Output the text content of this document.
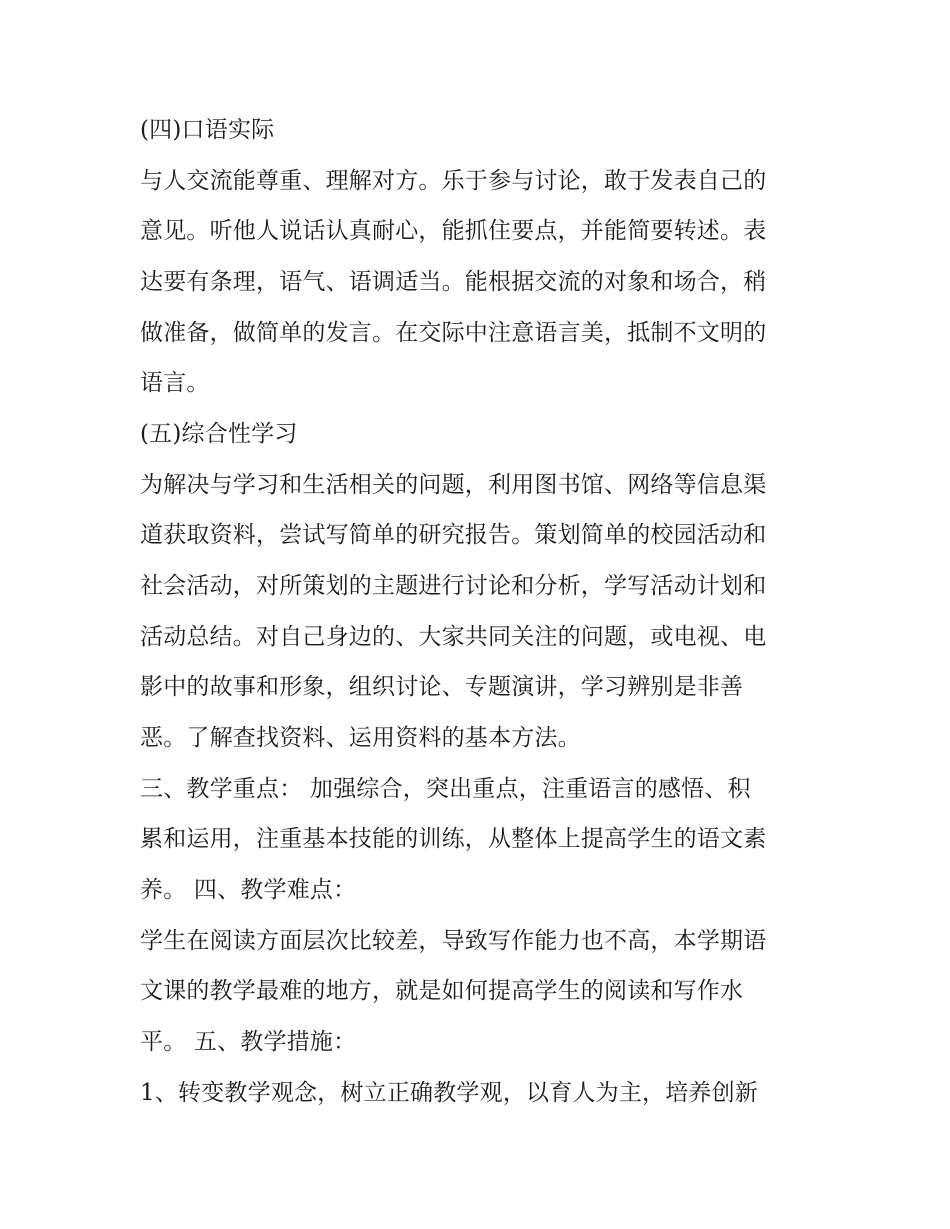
(四)口语实际
与人交流能尊重、理解对方。乐于参与讨论，敢于发表自己的
意见。听他人说话认真耐心，能抓住要点，并能简要转述。表
达要有条理，语气、语调适当。能根据交流的对象和场合，稍
做准备，做简单的发言。在交际中注意语言美，抵制不文明的
语言。
(五)综合性学习
为解决与学习和生活相关的问题，利用图书馆、网络等信息渠
道获取资料，尝试写简单的研究报告。策划简单的校园活动和
社会活动，对所策划的主题进行讨论和分析，学写活动计划和
活动总结。对自己身边的、大家共同关注的问题，或电视、电
影中的故事和形象，组织讨论、专题演讲，学习辨别是非善
恶。了解查找资料、运用资料的基本方法。
三、教学重点： 加强综合，突出重点，注重语言的感悟、积
累和运用，注重基本技能的训练，从整体上提高学生的语文素
养。 四、教学难点：
学生在阅读方面层次比较差，导致写作能力也不高，本学期语
文课的教学最难的地方，就是如何提高学生的阅读和写作水
平。 五、教学措施：
1、转变教学观念，树立正确教学观，以育人为主，培养创新
